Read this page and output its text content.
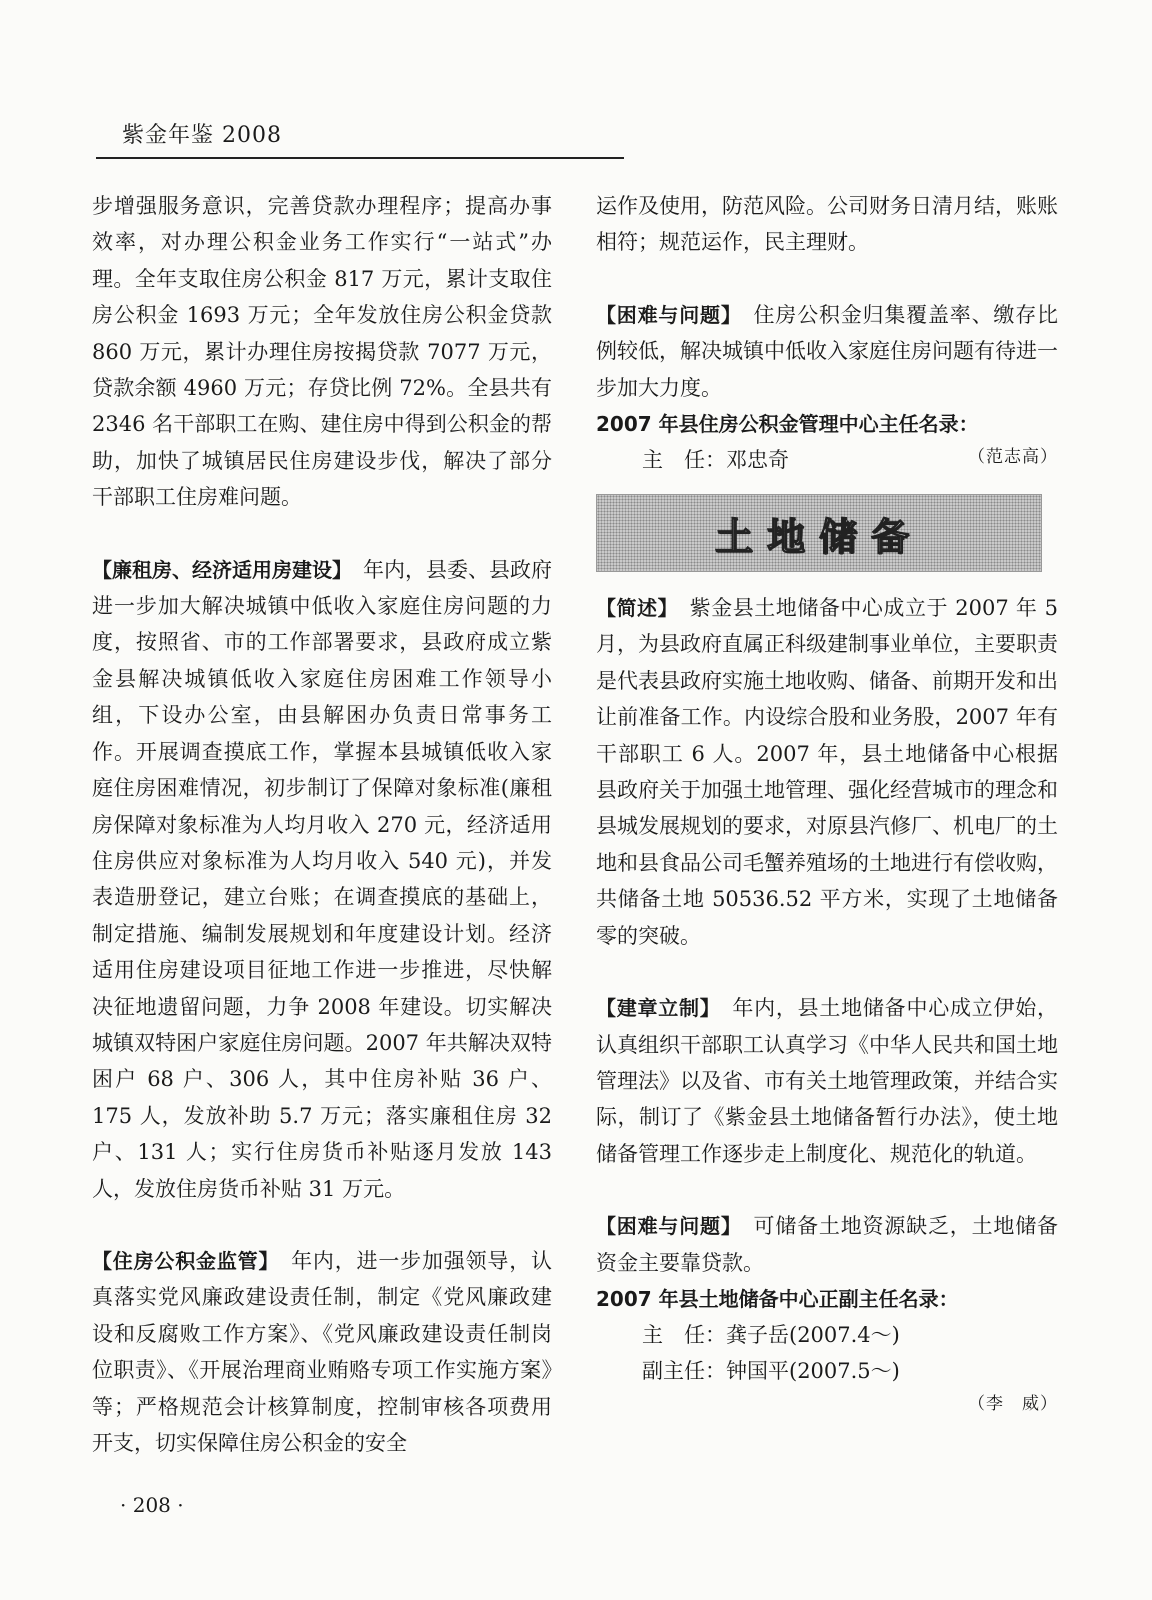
紫金年鉴 2008

步增强服务意识，完善贷款办理程序；提高办事效率，对办理公积金业务工作实行“一站式”办理。全年支取住房公积金 817 万元，累计支取住房公积金 1693 万元；全年发放住房公积金贷款 860 万元，累计办理住房按揭贷款 7077 万元，贷款余额 4960 万元；存贷比例 72%。全县共有 2346 名干部职工在购、建住房中得到公积金的帮助，加快了城镇居民住房建设步伐，解决了部分干部职工住房难问题。

【廉租房、经济适用房建设】　 年内，县委、县政府进一步加大解决城镇中低收入家庭住房问题的力度，按照省、市的工作部署要求，县政府成立紫金县解决城镇低收入家庭住房困难工作领导小组，下设办公室，由县解困办负责日常事务工作。开展调查摸底工作，掌握本县城镇低收入家庭住房困难情况，初步制订了保障对象标准(廉租房保障对象标准为人均月收入 270 元，经济适用住房供应对象标准为人均月收入 540 元)，并发表造册登记，建立台账；在调查摸底的基础上，制定措施、编制发展规划和年度建设计划。经济适用住房建设项目征地工作进一步推进，尽快解决征地遗留问题，力争 2008 年建设。切实解决城镇双特困户家庭住房问题。2007 年共解决双特困户 68 户、306 人，其中住房补贴 36 户、175 人，发放补助 5.7 万元；落实廉租住房 32 户、131 人；实行住房货币补贴逐月发放 143 人，发放住房货币补贴 31 万元。

【住房公积金监管】　 年内，进一步加强领导，认真落实党风廉政建设责任制，制定《党风廉政建设和反腐败工作方案》、《党风廉政建设责任制岗位职责》、《开展治理商业贿赂专项工作实施方案》等；严格规范会计核算制度，控制审核各项费用开支，切实保障住房公积金的安全

运作及使用，防范风险。公司财务日清月结，账账相符；规范运作，民主理财。

【困难与问题】　 住房公积金归集覆盖率、缴存比例较低，解决城镇中低收入家庭住房问题有待进一步加大力度。

2007 年县住房公积金管理中心主任名录：
主　任：邓忠奇	（范志高）
土地储备

【简述】　 紫金县土地储备中心成立于 2007 年 5 月，为县政府直属正科级建制事业单位，主要职责是代表县政府实施土地收购、储备、前期开发和出让前准备工作。内设综合股和业务股，2007 年有干部职工 6 人。2007 年，县土地储备中心根据县政府关于加强土地管理、强化经营城市的理念和县城发展规划的要求，对原县汽修厂、机电厂的土地和县食品公司毛蟹养殖场的土地进行有偿收购，共储备土地 50536.52 平方米，实现了土地储备零的突破。

【建章立制】　 年内，县土地储备中心成立伊始，认真组织干部职工认真学习《中华人民共和国土地管理法》以及省、市有关土地管理政策，并结合实际，制订了《紫金县土地储备暂行办法》，使土地储备管理工作逐步走上制度化、规范化的轨道。

【困难与问题】　 可储备土地资源缺乏，土地储备资金主要靠贷款。

2007 年县土地储备中心正副主任名录：
主　任：龚子岳(2007.4～)
副主任：钟国平(2007.5～)
（李　威）
· 208 ·
